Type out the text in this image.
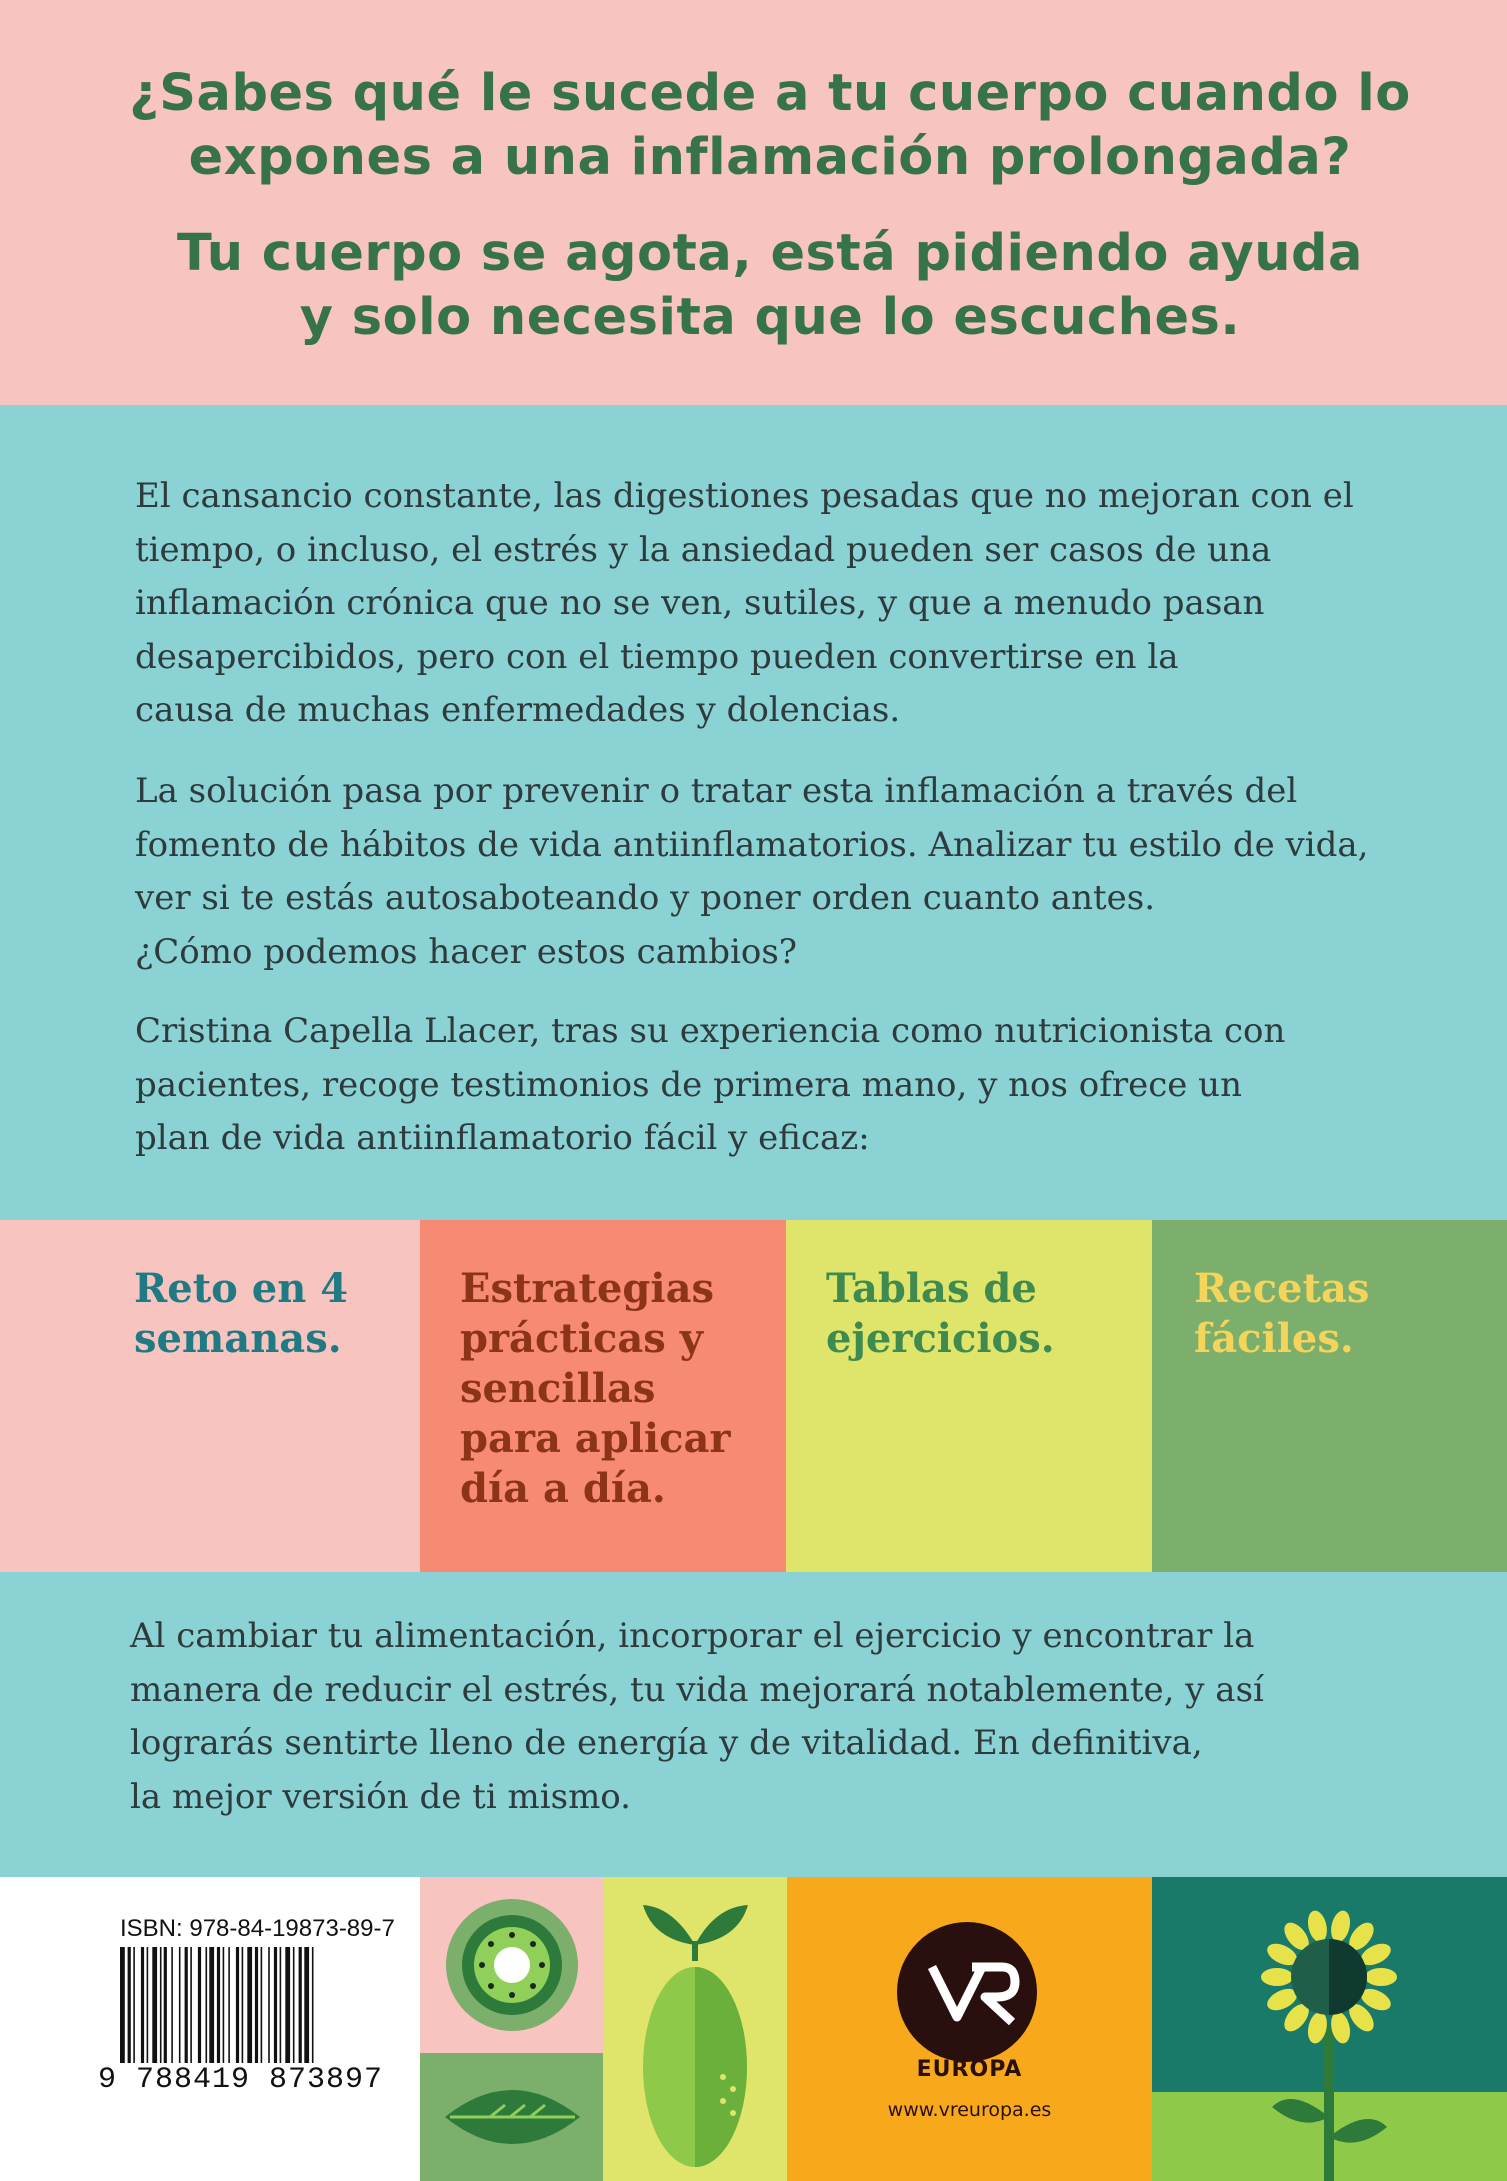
¿Sabes qué le sucede a tu cuerpo cuando lo
expones a una inflamación prolongada?
Tu cuerpo se agota, está pidiendo ayuda
y solo necesita que lo escuches.
El cansancio constante, las digestiones pesadas que no mejoran con el
tiempo, o incluso, el estrés y la ansiedad pueden ser casos de una
inflamación crónica que no se ven, sutiles, y que a menudo pasan
desapercibidos, pero con el tiempo pueden convertirse en la
causa de muchas enfermedades y dolencias.
La solución pasa por prevenir o tratar esta inflamación a través del
fomento de hábitos de vida antiinflamatorios. Analizar tu estilo de vida,
ver si te estás autosaboteando y poner orden cuanto antes.
¿Cómo podemos hacer estos cambios?
Cristina Capella Llacer, tras su experiencia como nutricionista con
pacientes, recoge testimonios de primera mano, y nos ofrece un
plan de vida antiinflamatorio fácil y eficaz:
Reto en 4
semanas.
Estrategias
prácticas y
sencillas
para aplicar
día a día.
Tablas de
ejercicios.
Recetas
fáciles.
Al cambiar tu alimentación, incorporar el ejercicio y encontrar la
manera de reducir el estrés, tu vida mejorará notablemente, y así
lograrás sentirte lleno de energía y de vitalidad. En definitiva,
la mejor versión de ti mismo.
ISBN: 978-84-19873-89-7
9 788419 873897	EUROPA
www.vreuropa.es
